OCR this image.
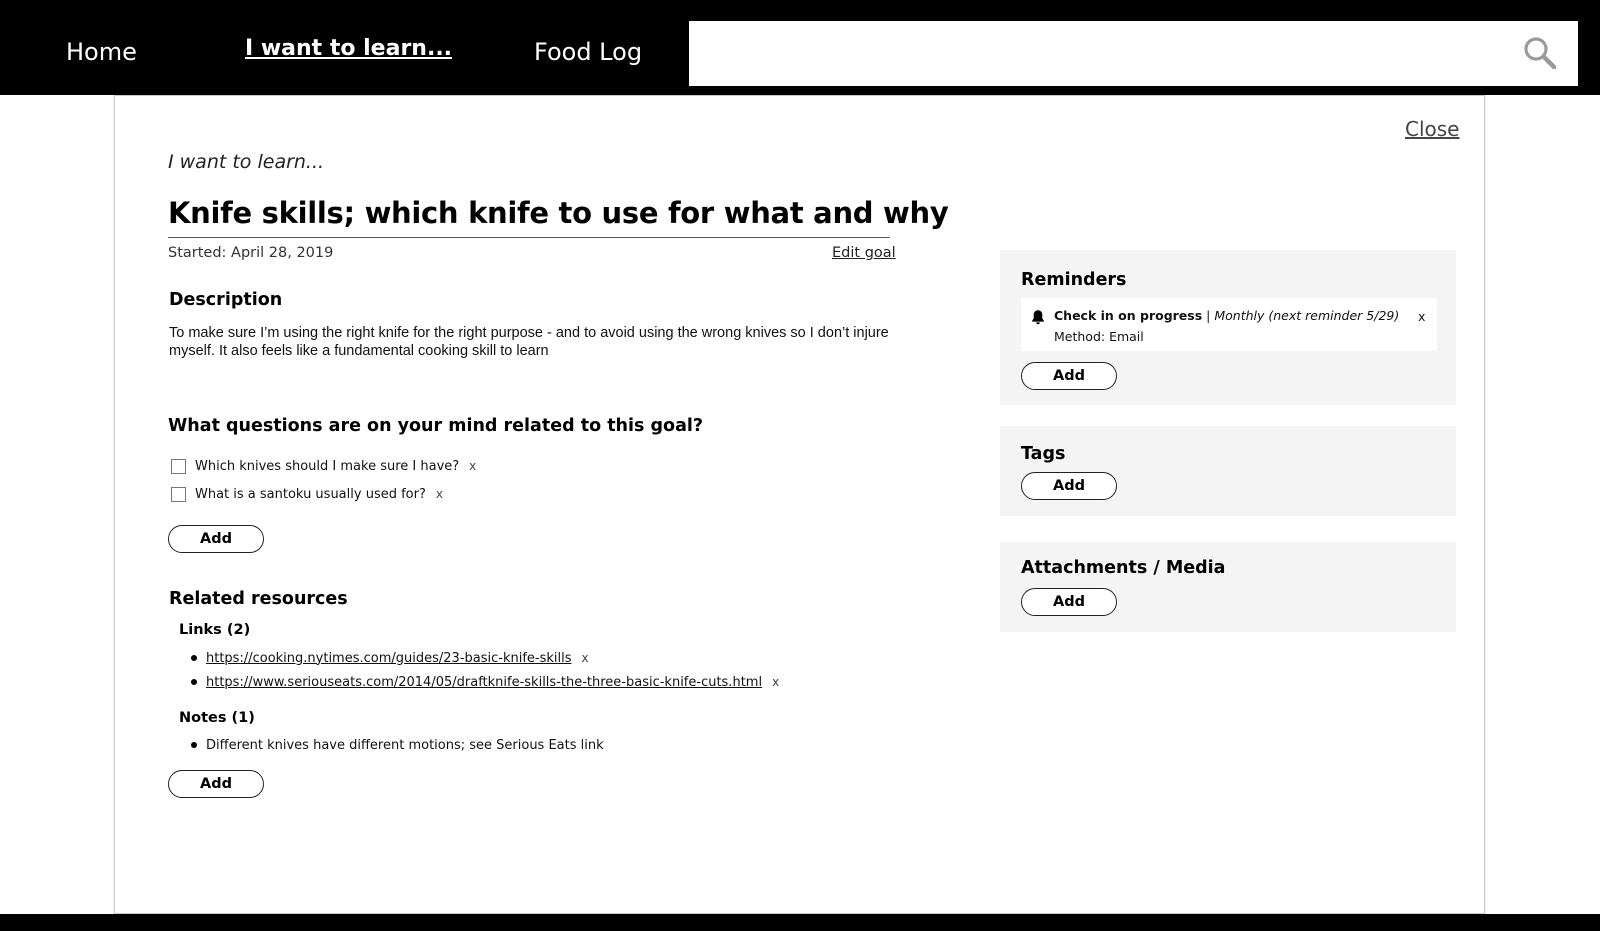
Home	I want to learn...	Food Log
Close
I want to learn...
Knife skills; which knife to use for what and why
Started: April 28, 2019	Edit goal
Description

To make sure I’m using the right knife for the right purpose - and to avoid using the wrong knives so I don’t injure myself. It also feels like a fundamental cooking skill to learn

What questions are on your mind related to this goal?
Which knives should I make sure I have? x
What is a santoku usually used for? x
Add
Related resources
Links (2)
https://cooking.nytimes.com/guides/23-basic-knife-skills x
https://www.seriouseats.com/2014/05/draftknife-skills-the-three-basic-knife-cuts.html x
Notes (1)
Different knives have different motions; see Serious Eats link
Add
Reminders
Check in on progress | Monthly (next reminder 5/29)
Method: Email
x
Add
Tags
Add
Attachments / Media
Add
